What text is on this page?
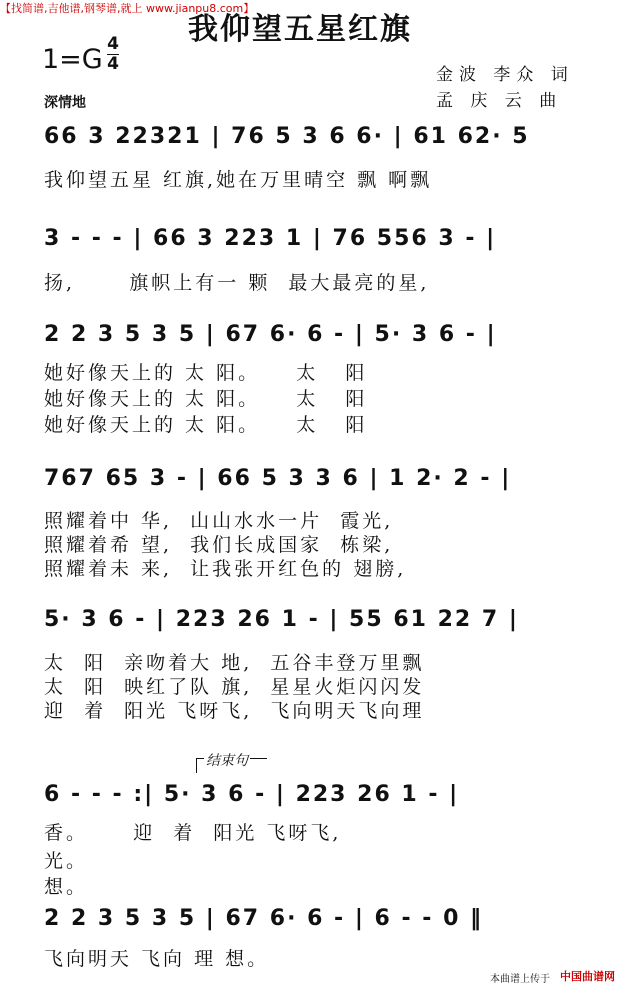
【找简谱,吉他谱,钢琴谱,就上 www.jianpu8.com】
我仰望五星红旗
1=G 4
4
深情地
金波 李众 词
孟 庆 云 曲
66 3 22321 | 76 5 3 6 6· | 61 62· 5
我仰望五星 红旗,她在万里晴空 飘 啊飘
3 - - - | 66 3 223 1 | 76 556 3 - |
扬,      旗帜上有一 颗  最大最亮的星,
2 2 3 5 3 5 | 67 6· 6 - | 5· 3 6 - |
她好像天上的 太 阳。    太   阳
她好像天上的 太 阳。    太   阳
她好像天上的 太 阳。    太   阳
767 65 3 - | 66 5 3 3 6 | 1 2· 2 - |
照耀着中 华,  山山水水一片  霞光,
照耀着希 望,  我们长成国家  栋梁,
照耀着未 来,  让我张开红色的 翅膀,
5· 3 6 - | 223 26 1 - | 55 61 22 7 |
太  阳  亲吻着大 地,  五谷丰登万里飘
太  阳  映红了队 旗,  星星火炬闪闪发
迎  着  阳光 飞呀飞,  飞向明天飞向理
结束句
6 - - - :| 5· 3 6 - | 223 26 1 - |
香。     迎  着  阳光 飞呀飞,
光。
想。
2 2 3 5 3 5 | 67 6· 6 - | 6 - - 0 ‖
飞向明天 飞向 理 想。
本曲谱上传于 中国曲谱网
